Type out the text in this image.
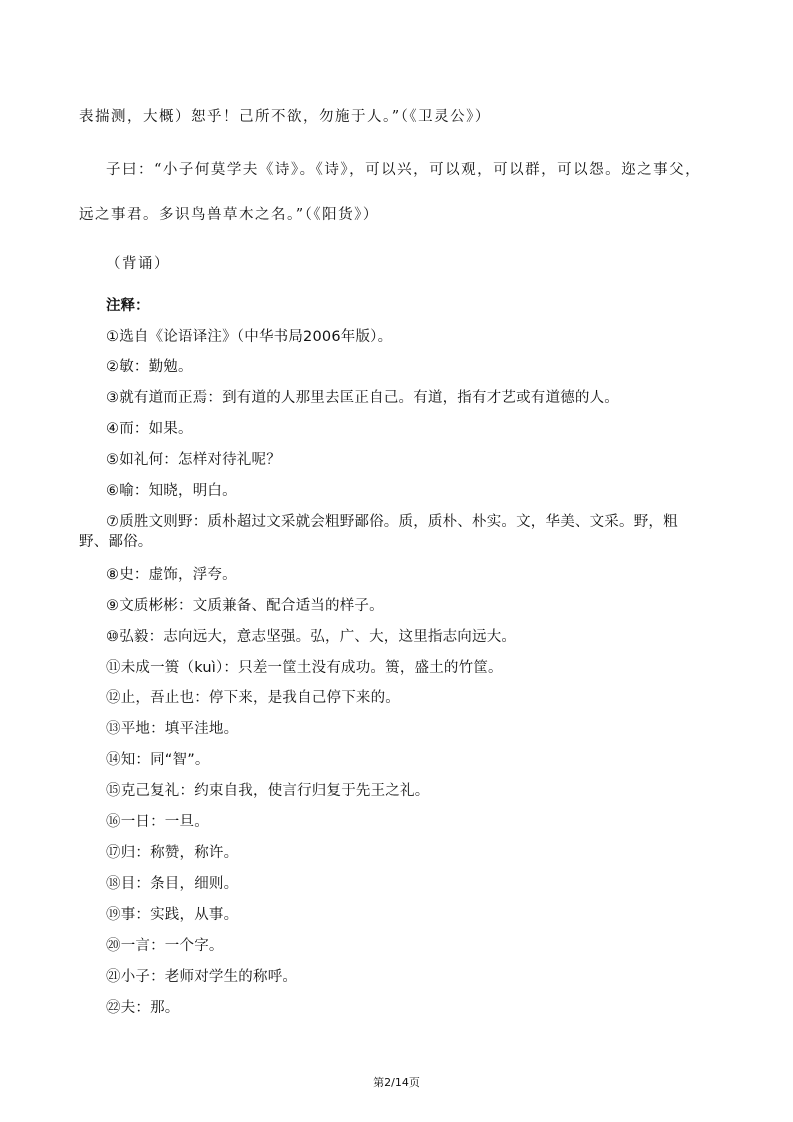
表揣测，大概）恕乎！己所不欲，勿施于人。”（《卫灵公》）
子曰：“小子何莫学夫《诗》。《诗》，可以兴，可以观，可以群，可以怨。迩之事父，
远之事君。多识鸟兽草木之名。”（《阳货》）
（背诵）
注释：
①选自《论语译注》（中华书局2006年版）。
②敏：勤勉。
③就有道而正焉：到有道的人那里去匡正自己。有道，指有才艺或有道德的人。
④而：如果。
⑤如礼何：怎样对待礼呢？
⑥喻：知晓，明白。
⑦质胜文则野：质朴超过文采就会粗野鄙俗。质，质朴、朴实。文，华美、文采。野，粗野、鄙俗。
⑧史：虚饰，浮夸。
⑨文质彬彬：文质兼备、配合适当的样子。
⑩弘毅：志向远大，意志坚强。弘，广、大，这里指志向远大。
⑪未成一篑（kuì）：只差一筐土没有成功。篑，盛土的竹筐。
⑫止，吾止也：停下来，是我自己停下来的。
⑬平地：填平洼地。
⑭知：同“智”。
⑮克己复礼：约束自我，使言行归复于先王之礼。
⑯一日：一旦。
⑰归：称赞，称许。
⑱目：条目，细则。
⑲事：实践，从事。
⑳一言：一个字。
㉑小子：老师对学生的称呼。
㉒夫：那。
第2/14页
